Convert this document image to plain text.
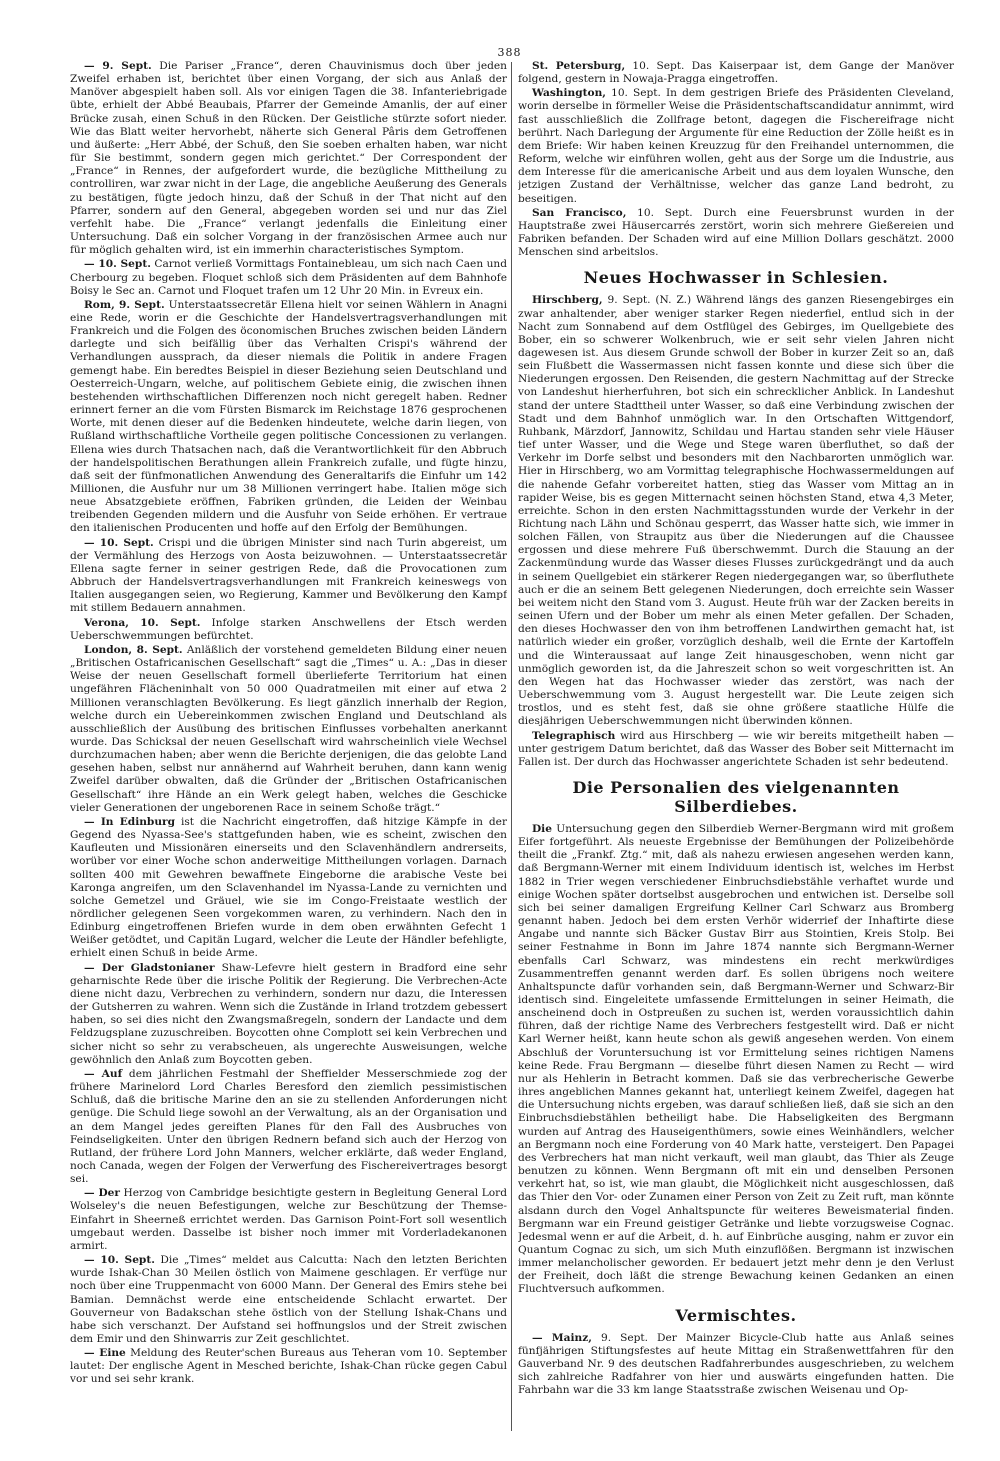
388

— 9. Sept. Die Pariser „France“, deren Chauvinismus doch über jeden Zweifel erhaben ist, berichtet über einen Vorgang, der sich aus Anlaß der Manöver abgespielt haben soll. Als vor einigen Tagen die 38. Infanteriebrigade übte, erhielt der Abbé Beaubais, Pfarrer der Gemeinde Amanlis, der auf einer Brücke zusah, einen Schuß in den Rücken. Der Geistliche stürzte sofort nieder. Wie das Blatt weiter hervorhebt, näherte sich General Pâris dem Getroffenen und äußerte: „Herr Abbé, der Schuß, den Sie soeben erhalten haben, war nicht für Sie bestimmt, sondern gegen mich gerichtet.“ Der Correspondent der „France“ in Rennes, der aufgefordert wurde, die bezügliche Mittheilung zu controlliren, war zwar nicht in der Lage, die angebliche Aeußerung des Generals zu bestätigen, fügte jedoch hinzu, daß der Schuß in der That nicht auf den Pfarrer, sondern auf den General, abgegeben worden sei und nur das Ziel verfehlt habe. Die „France“ verlangt jedenfalls die Einleitung einer Untersuchung. Daß ein solcher Vorgang in der französischen Armee auch nur für möglich gehalten wird, ist ein immerhin characteristisches Symptom.

— 10. Sept. Carnot verließ Vormittags Fontainebleau, um sich nach Caen und Cherbourg zu begeben. Floquet schloß sich dem Präsidenten auf dem Bahnhofe Boisy le Sec an. Carnot und Floquet trafen um 12 Uhr 20 Min. in Evreux ein.

Rom, 9. Sept. Unterstaatssecretär Ellena hielt vor seinen Wählern in Anagni eine Rede, worin er die Geschichte der Handelsvertragsverhandlungen mit Frankreich und die Folgen des öconomischen Bruches zwischen beiden Ländern darlegte und sich beifällig über das Verhalten Crispi's während der Verhandlungen aussprach, da dieser niemals die Politik in andere Fragen gemengt habe. Ein beredtes Beispiel in dieser Beziehung seien Deutschland und Oesterreich-Ungarn, welche, auf politischem Gebiete einig, die zwischen ihnen bestehenden wirthschaftlichen Differenzen noch nicht geregelt haben. Redner erinnert ferner an die vom Fürsten Bismarck im Reichstage 1876 gesprochenen Worte, mit denen dieser auf die Bedenken hindeutete, welche darin liegen, von Rußland wirthschaftliche Vortheile gegen politische Concessionen zu verlangen. Ellena wies durch Thatsachen nach, daß die Verantwortlichkeit für den Abbruch der handelspolitischen Berathungen allein Frankreich zufalle, und fügte hinzu, daß seit der fünfmonatlichen Anwendung des Generaltarifs die Einfuhr um 142 Millionen, die Ausfuhr nur um 38 Millionen verringert habe. Italien möge sich neue Absatzgebiete eröffnen, Fabriken gründen, die Leiden der Weinbau treibenden Gegenden mildern und die Ausfuhr von Seide erhöhen. Er vertraue den italienischen Producenten und hoffe auf den Erfolg der Bemühungen.

— 10. Sept. Crispi und die übrigen Minister sind nach Turin abgereist, um der Vermählung des Herzogs von Aosta beizuwohnen. — Unterstaatssecretär Ellena sagte ferner in seiner gestrigen Rede, daß die Provocationen zum Abbruch der Handelsvertragsverhandlungen mit Frankreich keineswegs von Italien ausgegangen seien, wo Regierung, Kammer und Bevölkerung den Kampf mit stillem Bedauern annahmen.

Verona, 10. Sept. Infolge starken Anschwellens der Etsch werden Ueberschwemmungen befürchtet.

London, 8. Sept. Anläßlich der vorstehend gemeldeten Bildung einer neuen „Britischen Ostafricanischen Gesellschaft“ sagt die „Times“ u. A.: „Das in dieser Weise der neuen Gesellschaft formell überlieferte Territorium hat einen ungefähren Flächeninhalt von 50 000 Quadratmeilen mit einer auf etwa 2 Millionen veranschlagten Bevölkerung. Es liegt gänzlich innerhalb der Region, welche durch ein Uebereinkommen zwischen England und Deutschland als ausschließlich der Ausübung des britischen Einflusses vorbehalten anerkannt wurde. Das Schicksal der neuen Gesellschaft wird wahrscheinlich viele Wechsel durchzumachen haben; aber wenn die Berichte derjenigen, die das gelobte Land gesehen haben, selbst nur annähernd auf Wahrheit beruhen, dann kann wenig Zweifel darüber obwalten, daß die Gründer der „Britischen Ostafricanischen Gesellschaft“ ihre Hände an ein Werk gelegt haben, welches die Geschicke vieler Generationen der ungeborenen Race in seinem Schoße trägt.“

— In Edinburg ist die Nachricht eingetroffen, daß hitzige Kämpfe in der Gegend des Nyassa-See's stattgefunden haben, wie es scheint, zwischen den Kaufleuten und Missionären einerseits und den Sclavenhändlern andrerseits, worüber vor einer Woche schon anderweitige Mittheilungen vorlagen. Darnach sollten 400 mit Gewehren bewaffnete Eingeborne die arabische Veste bei Karonga angreifen, um den Sclavenhandel im Nyassa-Lande zu vernichten und solche Gemetzel und Gräuel, wie sie im Congo-Freistaate westlich der nördlicher gelegenen Seen vorgekommen waren, zu verhindern. Nach den in Edinburg eingetroffenen Briefen wurde in dem oben erwähnten Gefecht 1 Weißer getödtet, und Capitän Lugard, welcher die Leute der Händler befehligte, erhielt einen Schuß in beide Arme.

— Der Gladstonianer Shaw-Lefevre hielt gestern in Bradford eine sehr geharnischte Rede über die irische Politik der Regierung. Die Verbrechen-Acte diene nicht dazu, Verbrechen zu verhindern, sondern nur dazu, die Interessen der Gutsherren zu wahren. Wenn sich die Zustände in Irland trotzdem gebessert haben, so sei dies nicht den Zwangsmaßregeln, sondern der Landacte und dem Feldzugsplane zuzuschreiben. Boycotten ohne Complott sei kein Verbrechen und sicher nicht so sehr zu verabscheuen, als ungerechte Ausweisungen, welche gewöhnlich den Anlaß zum Boycotten geben.

— Auf dem jährlichen Festmahl der Sheffielder Messerschmiede zog der frühere Marinelord Lord Charles Beresford den ziemlich pessimistischen Schluß, daß die britische Marine den an sie zu stellenden Anforderungen nicht genüge. Die Schuld liege sowohl an der Verwaltung, als an der Organisation und an dem Mangel jedes gereiften Planes für den Fall des Ausbruches von Feindseligkeiten. Unter den übrigen Rednern befand sich auch der Herzog von Rutland, der frühere Lord John Manners, welcher erklärte, daß weder England, noch Canada, wegen der Folgen der Verwerfung des Fischereivertrages besorgt sei.

— Der Herzog von Cambridge besichtigte gestern in Begleitung General Lord Wolseley's die neuen Befestigungen, welche zur Beschützung der Themse-Einfahrt in Sheerneß errichtet werden. Das Garnison Point-Fort soll wesentlich umgebaut werden. Dasselbe ist bisher noch immer mit Vorderladekanonen armirt.

— 10. Sept. Die „Times“ meldet aus Calcutta: Nach den letzten Berichten wurde Ishak-Chan 30 Meilen östlich von Maimene geschlagen. Er verfüge nur noch über eine Truppenmacht von 6000 Mann. Der General des Emirs stehe bei Bamian. Demnächst werde eine entscheidende Schlacht erwartet. Der Gouverneur von Badakschan stehe östlich von der Stellung Ishak-Chans und habe sich verschanzt. Der Aufstand sei hoffnungslos und der Streit zwischen dem Emir und den Shinwarris zur Zeit geschlichtet.

— Eine Meldung des Reuter'schen Bureaus aus Teheran vom 10. September lautet: Der englische Agent in Mesched berichte, Ishak-Chan rücke gegen Cabul vor und sei sehr krank.

St. Petersburg, 10. Sept. Das Kaiserpaar ist, dem Gange der Manöver folgend, gestern in Nowaja-Pragga eingetroffen.

Washington, 10. Sept. In dem gestrigen Briefe des Präsidenten Cleveland, worin derselbe in förmeller Weise die Präsidentschaftscandidatur annimmt, wird fast ausschließlich die Zollfrage betont, dagegen die Fischereifrage nicht berührt. Nach Darlegung der Argumente für eine Reduction der Zölle heißt es in dem Briefe: Wir haben keinen Kreuzzug für den Freihandel unternommen, die Reform, welche wir einführen wollen, geht aus der Sorge um die Industrie, aus dem Interesse für die americanische Arbeit und aus dem loyalen Wunsche, den jetzigen Zustand der Verhältnisse, welcher das ganze Land bedroht, zu beseitigen.

San Francisco, 10. Sept. Durch eine Feuersbrunst wurden in der Hauptstraße zwei Häusercarrés zerstört, worin sich mehrere Gießereien und Fabriken befanden. Der Schaden wird auf eine Million Dollars geschätzt. 2000 Menschen sind arbeitslos.

Neues Hochwasser in Schlesien.

Hirschberg, 9. Sept. (N. Z.) Während längs des ganzen Riesengebirges ein zwar anhaltender, aber weniger starker Regen niederfiel, entlud sich in der Nacht zum Sonnabend auf dem Ostflügel des Gebirges, im Quellgebiete des Bober, ein so schwerer Wolkenbruch, wie er seit sehr vielen Jahren nicht dagewesen ist. Aus diesem Grunde schwoll der Bober in kurzer Zeit so an, daß sein Flußbett die Wassermassen nicht fassen konnte und diese sich über die Niederungen ergossen. Den Reisenden, die gestern Nachmittag auf der Strecke von Landeshut hierherfuhren, bot sich ein schrecklicher Anblick. In Landeshut stand der untere Stadttheil unter Wasser, so daß eine Verbindung zwischen der Stadt und dem Bahnhof unmöglich war. In den Ortschaften Wittgendorf, Ruhbank, Märzdorf, Jannowitz, Schildau und Hartau standen sehr viele Häuser tief unter Wasser, und die Wege und Stege waren überfluthet, so daß der Verkehr im Dorfe selbst und besonders mit den Nachbarorten unmöglich war. Hier in Hirschberg, wo am Vormittag telegraphische Hochwassermeldungen auf die nahende Gefahr vorbereitet hatten, stieg das Wasser vom Mittag an in rapider Weise, bis es gegen Mitternacht seinen höchsten Stand, etwa 4,3 Meter, erreichte. Schon in den ersten Nachmittagsstunden wurde der Verkehr in der Richtung nach Lähn und Schönau gesperrt, das Wasser hatte sich, wie immer in solchen Fällen, von Straupitz aus über die Niederungen auf die Chaussee ergossen und diese mehrere Fuß überschwemmt. Durch die Stauung an der Zackenmündung wurde das Wasser dieses Flusses zurückgedrängt und da auch in seinem Quellgebiet ein stärkerer Regen niedergegangen war, so überfluthete auch er die an seinem Bett gelegenen Niederungen, doch erreichte sein Wasser bei weitem nicht den Stand vom 3. August. Heute früh war der Zacken bereits in seinen Ufern und der Bober um mehr als einen Meter gefallen. Der Schaden, den dieses Hochwasser den von ihm betroffenen Landwirthen gemacht hat, ist natürlich wieder ein großer, vorzüglich deshalb, weil die Ernte der Kartoffeln und die Winteraussaat auf lange Zeit hinausgeschoben, wenn nicht gar unmöglich geworden ist, da die Jahreszeit schon so weit vorgeschritten ist. An den Wegen hat das Hochwasser wieder das zerstört, was nach der Ueberschwemmung vom 3. August hergestellt war. Die Leute zeigen sich trostlos, und es steht fest, daß sie ohne größere staatliche Hülfe die diesjährigen Ueberschwemmungen nicht überwinden können.

Telegraphisch wird aus Hirschberg — wie wir bereits mitgetheilt haben — unter gestrigem Datum berichtet, daß das Wasser des Bober seit Mitternacht im Fallen ist. Der durch das Hochwasser angerichtete Schaden ist sehr bedeutend.

Die Personalien des vielgenannten Silberdiebes.

Die Untersuchung gegen den Silberdieb Werner-Bergmann wird mit großem Eifer fortgeführt. Als neueste Ergebnisse der Bemühungen der Polizeibehörde theilt die „Frankf. Ztg.“ mit, daß als nahezu erwiesen angesehen werden kann, daß Bergmann-Werner mit einem Individuum identisch ist, welches im Herbst 1882 in Trier wegen verschiedener Einbruchsdiebstähle verhaftet wurde und einige Wochen später dortselbst ausgebrochen und entwichen ist. Derselbe soll sich bei seiner damaligen Ergreifung Kellner Carl Schwarz aus Bromberg genannt haben. Jedoch bei dem ersten Verhör widerrief der Inhaftirte diese Angabe und nannte sich Bäcker Gustav Birr aus Stointien, Kreis Stolp. Bei seiner Festnahme in Bonn im Jahre 1874 nannte sich Bergmann-Werner ebenfalls Carl Schwarz, was mindestens ein recht merkwürdiges Zusammentreffen genannt werden darf. Es sollen übrigens noch weitere Anhaltspuncte dafür vorhanden sein, daß Bergmann-Werner und Schwarz-Bir identisch sind. Eingeleitete umfassende Ermittelungen in seiner Heimath, die anscheinend doch in Ostpreußen zu suchen ist, werden voraussichtlich dahin führen, daß der richtige Name des Verbrechers festgestellt wird. Daß er nicht Karl Werner heißt, kann heute schon als gewiß angesehen werden. Von einem Abschluß der Voruntersuchung ist vor Ermittelung seines richtigen Namens keine Rede. Frau Bergmann — dieselbe führt diesen Namen zu Recht — wird nur als Hehlerin in Betracht kommen. Daß sie das verbrecherische Gewerbe ihres angeblichen Mannes gekannt hat, unterliegt keinem Zweifel, dagegen hat die Untersuchung nichts ergeben, was darauf schließen ließ, daß sie sich an den Einbruchsdiebstählen betheiligt habe. Die Habseligkeiten des Bergmann wurden auf Antrag des Hauseigenthümers, sowie eines Weinhändlers, welcher an Bergmann noch eine Forderung von 40 Mark hatte, versteigert. Den Papagei des Verbrechers hat man nicht verkauft, weil man glaubt, das Thier als Zeuge benutzen zu können. Wenn Bergmann oft mit ein und denselben Personen verkehrt hat, so ist, wie man glaubt, die Möglichkeit nicht ausgeschlossen, daß das Thier den Vor- oder Zunamen einer Person von Zeit zu Zeit ruft, man könnte alsdann durch den Vogel Anhaltspuncte für weiteres Beweismaterial finden. Bergmann war ein Freund geistiger Getränke und liebte vorzugsweise Cognac. Jedesmal wenn er auf die Arbeit, d. h. auf Einbrüche ausging, nahm er zuvor ein Quantum Cognac zu sich, um sich Muth einzuflößen. Bergmann ist inzwischen immer melancholischer geworden. Er bedauert jetzt mehr denn je den Verlust der Freiheit, doch läßt die strenge Bewachung keinen Gedanken an einen Fluchtversuch aufkommen.

Vermischtes.

— Mainz, 9. Sept. Der Mainzer Bicycle-Club hatte aus Anlaß seines fünfjährigen Stiftungsfestes auf heute Mittag ein Straßenwettfahren für den Gauverband Nr. 9 des deutschen Radfahrerbundes ausgeschrieben, zu welchem sich zahlreiche Radfahrer von hier und auswärts eingefunden hatten. Die Fahrbahn war die 33 km lange Staatsstraße zwischen Weisenau und Op-
